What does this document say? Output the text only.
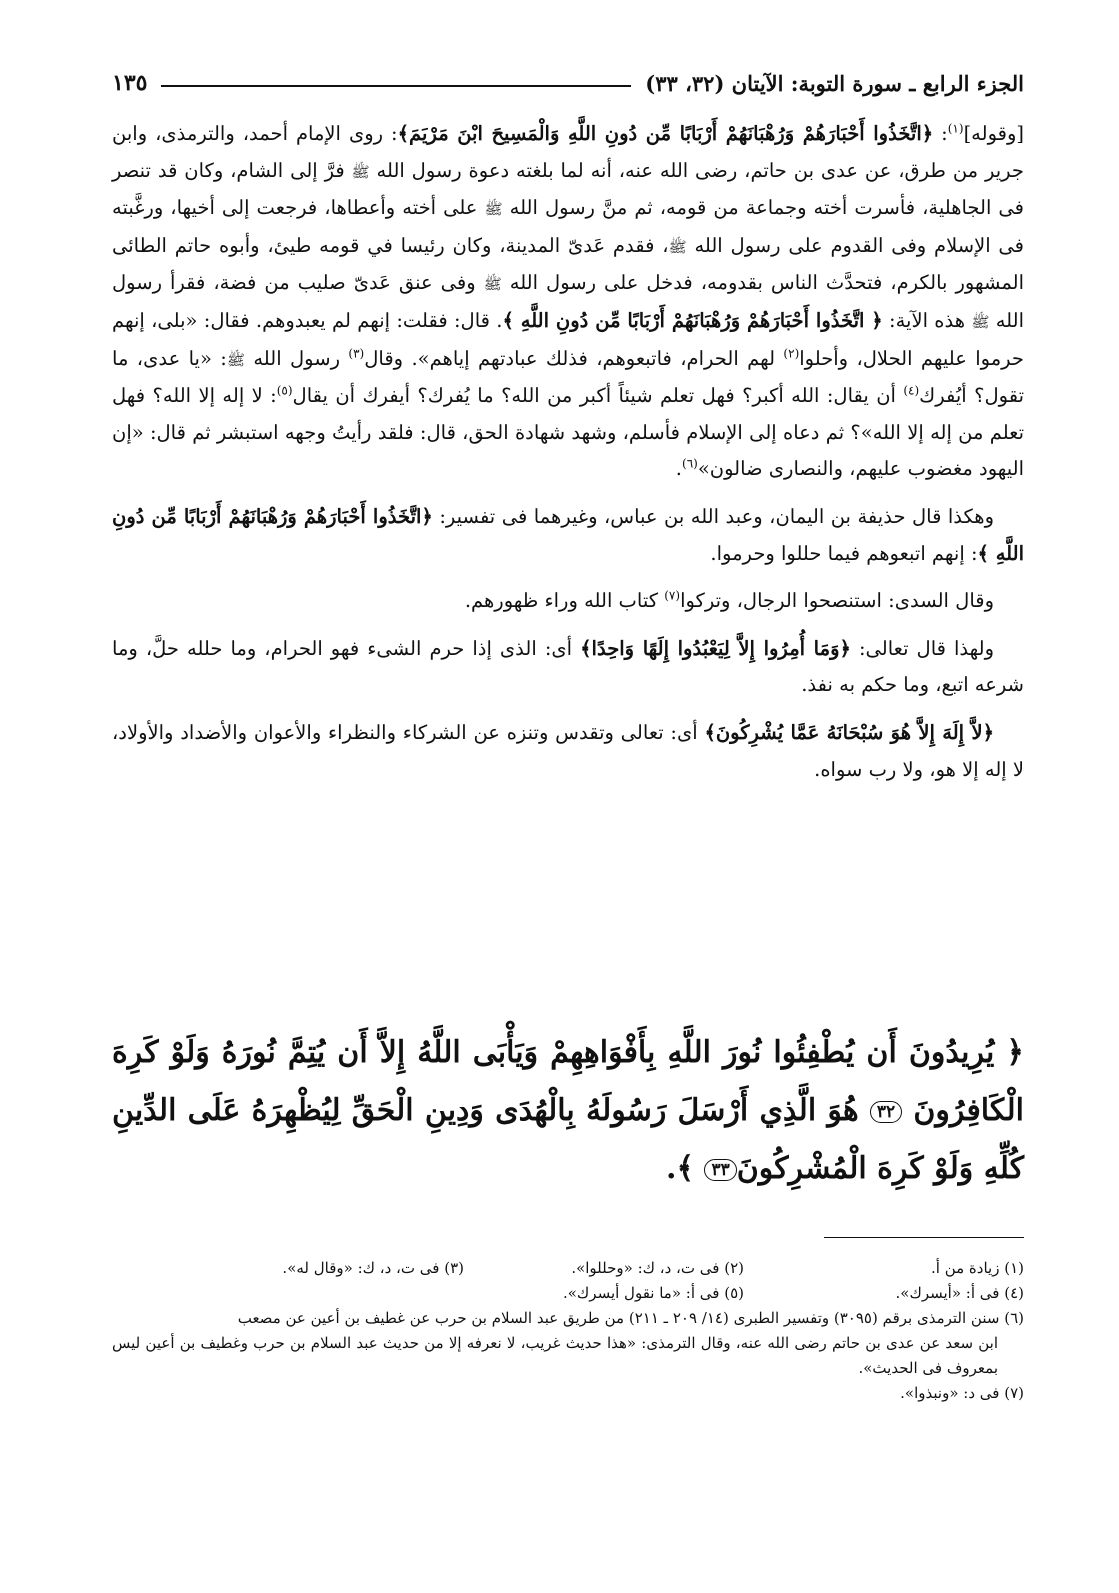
الجزء الرابع ـ سورة التوبة: الآيتان (٣٢، ٣٣)
١٣٥

[وقوله]$^{(١)}$: ﴿اتَّخَذُوا أَحْبَارَهُمْ وَرُهْبَانَهُمْ أَرْبَابًا مِّن دُونِ اللَّهِ وَالْمَسِيحَ ابْنَ مَرْيَمَ﴾: روى الإمام أحمد، والترمذى، وابن جرير من طرق، عن عدى بن حاتم، رضى الله عنه، أنه لما بلغته دعوة رسول الله ﷺ فرَّ إلى الشام، وكان قد تنصر فى الجاهلية، فأسرت أخته وجماعة من قومه، ثم منَّ رسول الله ﷺ على أخته وأعطاها، فرجعت إلى أخيها، ورغَّبته فى الإسلام وفى القدوم على رسول الله ﷺ، فقدم عَدىّ المدينة، وكان رئيسا في قومه طيئ، وأبوه حاتم الطائى المشهور بالكرم، فتحدَّث الناس بقدومه، فدخل على رسول الله ﷺ وفى عنق عَدىّ صليب من فضة، فقرأ رسول الله ﷺ هذه الآية: ﴿ اتَّخَذُوا أَحْبَارَهُمْ وَرُهْبَانَهُمْ أَرْبَابًا مِّن دُونِ اللَّهِ ﴾. قال: فقلت: إنهم لم يعبدوهم. فقال: «بلى، إنهم حرموا عليهم الحلال، وأحلوا$^{(٢)}$ لهم الحرام، فاتبعوهم، فذلك عبادتهم إياهم». وقال$^{(٣)}$ رسول الله ﷺ: «يا عدى، ما تقول؟ أيُفرك$^{(٤)}$ أن يقال: الله أكبر؟ فهل تعلم شيئاً أكبر من الله؟ ما يُفرك؟ أيفرك أن يقال$^{(٥)}$: لا إله إلا الله؟ فهل تعلم من إله إلا الله»؟ ثم دعاه إلى الإسلام فأسلم، وشهد شهادة الحق، قال: فلقد رأيتُ وجهه استبشر ثم قال: «إن اليهود مغضوب عليهم، والنصارى ضالون»$^{(٦)}$.

وهكذا قال حذيفة بن اليمان، وعبد الله بن عباس، وغيرهما فى تفسير: ﴿اتَّخَذُوا أَحْبَارَهُمْ وَرُهْبَانَهُمْ أَرْبَابًا مِّن دُونِ اللَّهِ ﴾: إنهم اتبعوهم فيما حللوا وحرموا.

وقال السدى: استنصحوا الرجال، وتركوا$^{(٧)}$ كتاب الله وراء ظهورهم.

ولهذا قال تعالى: ﴿وَمَا أُمِرُوا إِلاَّ لِيَعْبُدُوا إِلَهًا وَاحِدًا﴾ أى: الذى إذا حرم الشىء فهو الحرام، وما حلله حلَّ، وما شرعه اتبع، وما حكم به نفذ.

﴿لاَّ إِلَهَ إِلاَّ هُوَ سُبْحَانَهُ عَمَّا يُشْرِكُونَ﴾ أى: تعالى وتقدس وتنزه عن الشركاء والنظراء والأعوان والأضداد والأولاد، لا إله إلا هو، ولا رب سواه.

﴿ يُرِيدُونَ أَن يُطْفِئُوا نُورَ اللَّهِ بِأَفْوَاهِهِمْ وَيَأْبَى اللَّهُ إِلاَّ أَن يُتِمَّ نُورَهُ وَلَوْ كَرِهَ الْكَافِرُونَ ٣٢ هُوَ الَّذِي أَرْسَلَ رَسُولَهُ بِالْهُدَى وَدِينِ الْحَقِّ لِيُظْهِرَهُ عَلَى الدِّينِ كُلِّهِ وَلَوْ كَرِهَ الْمُشْرِكُونَ٣٣ ﴾.

(١) زيادة من أ.
(٢) فى ت، د، ك: «وحللوا».
(٣) فى ت، د، ك: «وقال له».
(٤) فى أ: «أيسرك».
(٥) فى أ: «ما نقول أيسرك».
(٦) سنن الترمذى برقم (٣٠٩٥) وتفسير الطبرى (١٤/ ٢٠٩ ـ ٢١١) من طريق عبد السلام بن حرب عن غطيف بن أعين عن مصعب
ابن سعد عن عدى بن حاتم رضى الله عنه، وقال الترمذى: «هذا حديث غريب، لا نعرفه إلا من حديث عبد السلام بن حرب وغطيف بن أعين ليس بمعروف فى الحديث».
(٧) فى د: «ونبذوا».
